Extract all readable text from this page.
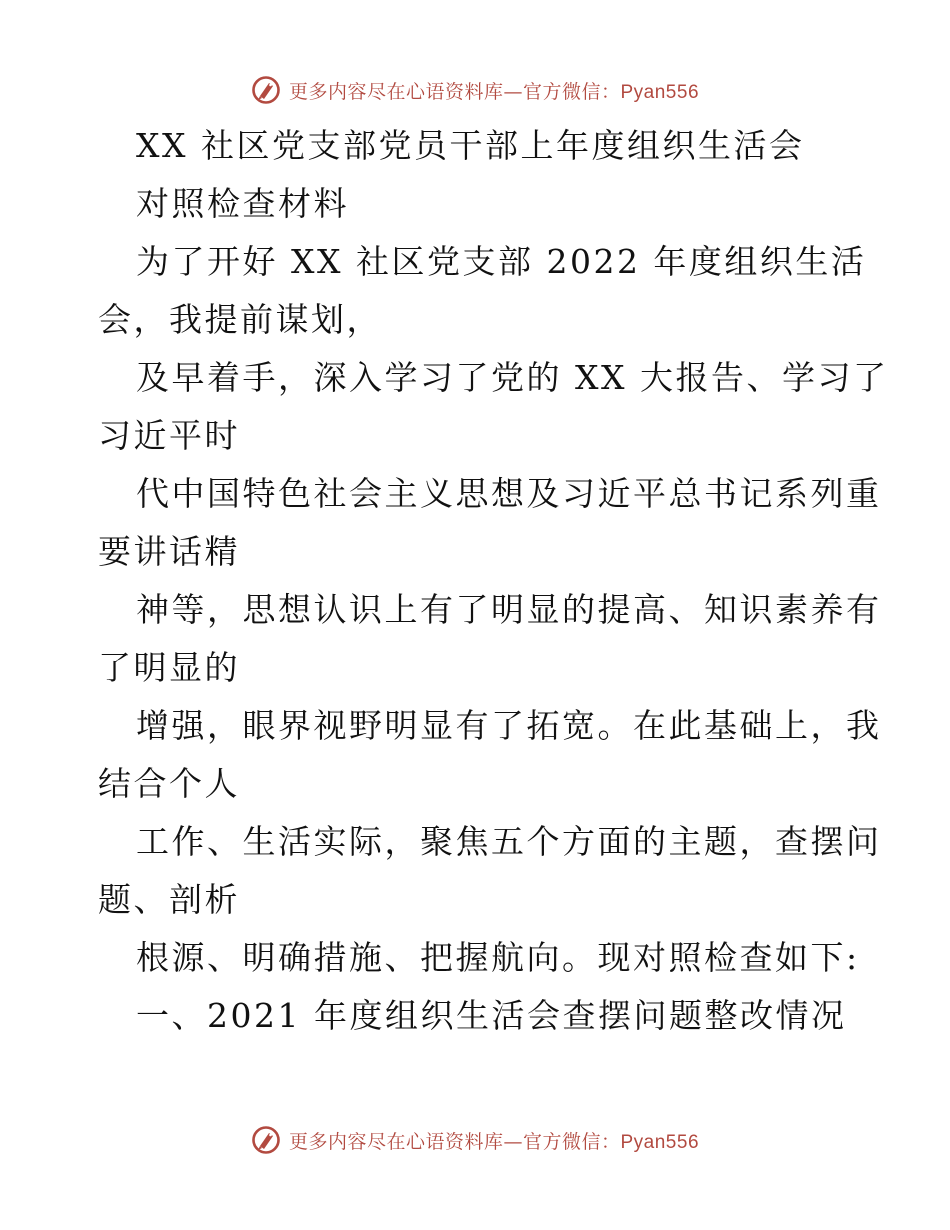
更多内容尽在心语资料库—官方微信：Pyan556
XX 社区党支部党员干部上年度组织生活会
对照检查材料
为了开好 XX 社区党支部 2022 年度组织生活
会，我提前谋划，
及早着手，深入学习了党的 XX 大报告、学习了
习近平时
代中国特色社会主义思想及习近平总书记系列重
要讲话精
神等，思想认识上有了明显的提高、知识素养有
了明显的
增强，眼界视野明显有了拓宽。在此基础上，我
结合个人
工作、生活实际，聚焦五个方面的主题，查摆问
题、剖析
根源、明确措施、把握航向。现对照检查如下:
一、2021 年度组织生活会查摆问题整改情况
更多内容尽在心语资料库—官方微信：Pyan556
